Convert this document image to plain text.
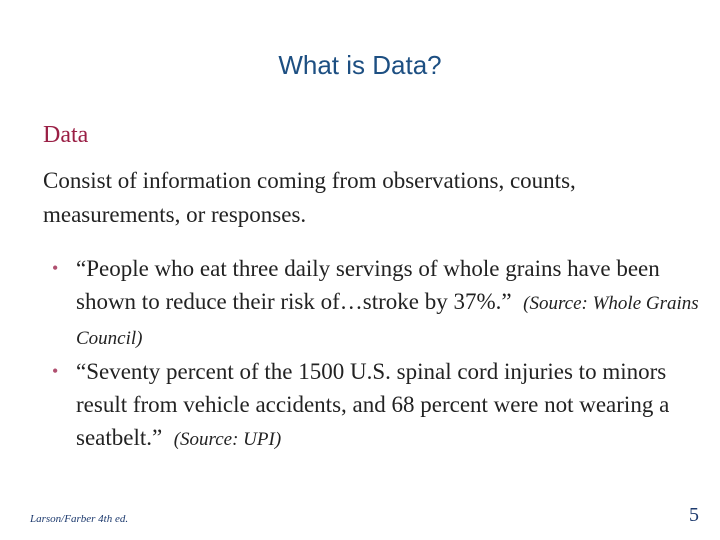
What is Data?
Data
Consist of information coming from observations, counts, measurements, or responses.
• “People who eat three daily servings of whole grains have been shown to reduce their risk of…stroke by 37%.” (Source: Whole Grains Council)
• “Seventy percent of the 1500 U.S. spinal cord injuries to minors result from vehicle accidents, and 68 percent were not wearing a seatbelt.” (Source: UPI)
Larson/Farber 4th ed.	5
